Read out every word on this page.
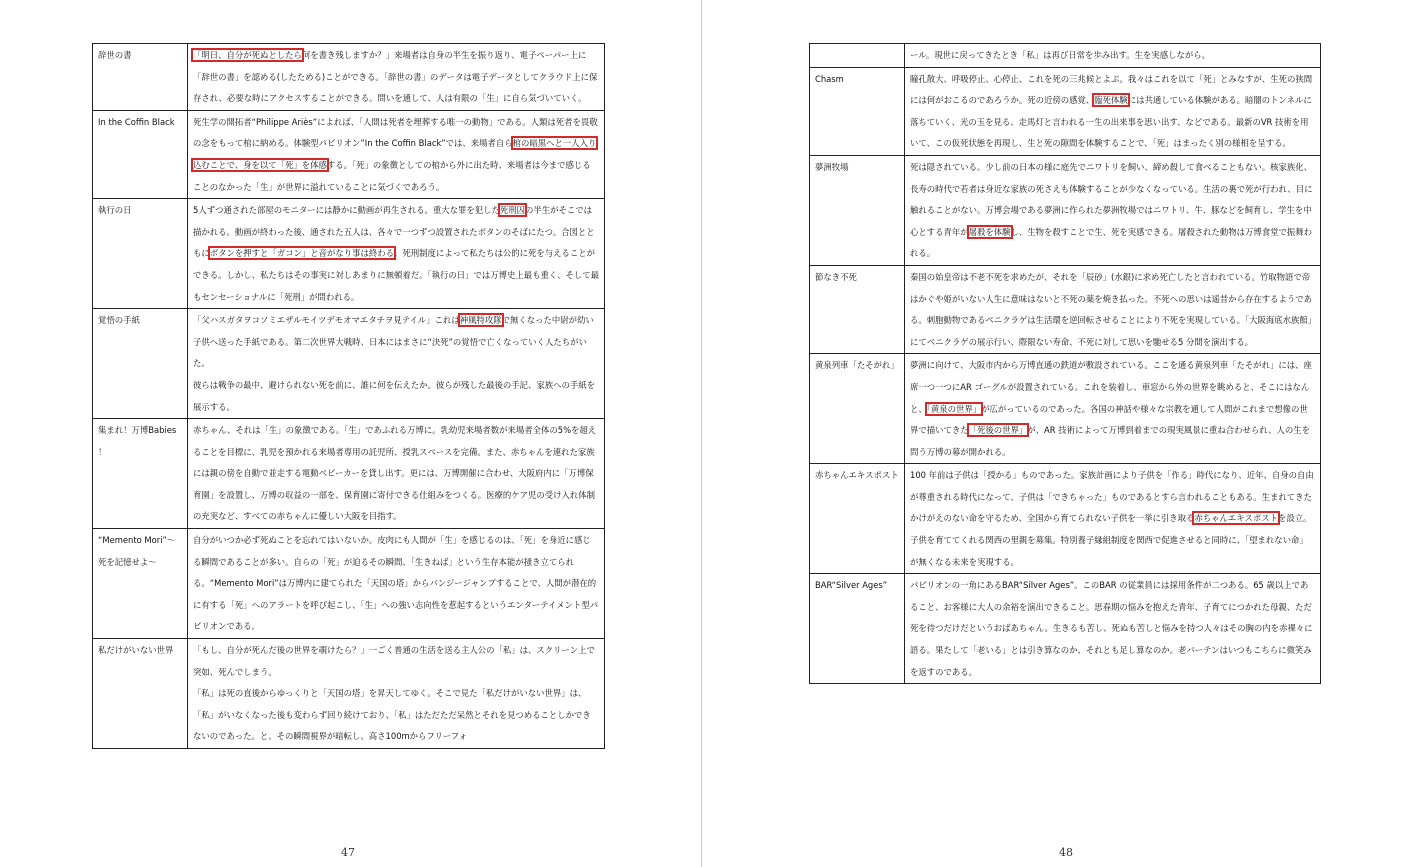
辞世の書	「明日、自分が死ぬとしたら何を書き残しますか？」来場者は自身の半生を振り返り、電子ペーパー上に「辞世の書」を認める(したためる)ことができる。「辞世の書」のデータは電子データとしてクラウド上に保存され、必要な時にアクセスすることができる。問いを通して、人は有限の「生」に自ら気づいていく。

In the Coffin Black	死生学の開拓者“Philippe Ariès”によれば、「人間は死者を埋葬する唯一の動物」である。人類は死者を畏敬の念をもって棺に納める。体験型パビリオン”In the Coffin Black”では、来場者自ら棺の暗黒へと一人入り込むことで、身を以て「死」を体感する。「死」の象徴としての棺から外に出た時、来場者は今まで感じることのなかった「生」が世界に溢れていることに気づくであろう。

執行の日	5人ずつ通された部屋のモニターには静かに動画が再生される。重大な罪を犯した死刑囚の半生がそこでは描かれる。動画が終わった後、通された五人は、各々で一つずつ設置されたボタンのそばにたつ。合図とともにボタンを押すと「ガコン」と音がなり事は終わる。死刑制度によって私たちは公的に死を与えることができる。しかし、私たちはその事実に対しあまりに無頓着だ。「執行の日」では万博史上最も重く、そして最もセンセーショナルに「死刑」が問われる。

覚悟の手紙	「父ハスガタヲコソミエザルモイツデモオマエタチヲ見テイル」これは神風特攻隊で無くなった中尉が幼い子供へ送った手紙である。第二次世界大戦時、日本にはまさに“決死”の覚悟で亡くなっていく人たちがいた。
彼らは戦争の最中、避けられない死を前に、誰に何を伝えたか。彼らが残した最後の手記、家族への手紙を展示する。

集まれ！万博Babies ！	赤ちゃん、それは「生」の象徴である。「生」であふれる万博に。乳幼児来場者数が来場者全体の5%を超えることを目標に、乳児を預かれる来場者専用の託児所、授乳スペースを完備。また、赤ちゃんを連れた家族には親の傍を自動で並走する電動ベビーカーを貸し出す。更には、万博開催に合わせ、大阪府内に「万博保育園」を設置し、万博の収益の一部を、保育園に寄付できる仕組みをつくる。医療的ケア児の受け入れ体制の充実など、すべての赤ちゃんに優しい大阪を目指す。

“Memento Mori”～死を記憶せよ～	自分がいつか必ず死ぬことを忘れてはいないか。皮肉にも人間が「生」を感じるのは、「死」を身近に感じる瞬間であることが多い。自らの「死」が迫るその瞬間、「生きねば」という生存本能が掻き立てられる。“Memento Mori”は万博内に建てられた「天国の塔」からバンジージャンプすることで、人間が潜在的に有する「死」へのアラートを呼び起こし、「生」への強い志向性を惹起するというエンターテイメント型パビリオンである。

私だけがいない世界	「もし、自分が死んだ後の世界を覗けたら？」一ごく普通の生活を送る主人公の「私」は、スクリーン上で突如、死んでしまう。
「私」は死の直後からゆっくりと「天国の塔」を昇天してゆく。そこで見た「私だけがいない世界」は、「私」がいなくなった後も変わらず回り続けており、「私」はただただ呆然とそれを見つめることしかできないのであった。と、その瞬間視界が暗転し、高さ100mからフリーフォ
47

	ール。現世に戻ってきたとき「私」は再び日常を歩み出す。生を実感しながら。

Chasm	瞳孔散大、呼吸停止、心停止、これを死の三兆候とよぶ。我々はこれを以て「死」とみなすが、生死の狭間には何がおこるのであろうか。死の近傍の感覚、臨死体験には共通している体験がある。暗闇のトンネルに落ちていく、光の玉を見る、走馬灯と言われる一生の出来事を思い出す、などである。最新のVR 技術を用いて、この仮死状態を再現し、生と死の隙間を体験することで、「死」はまったく別の様相を呈する。

夢洲牧場	死は隠されている。少し前の日本の様に庭先でニワトリを飼い、締め殺して食べることもない。核家族化、長寿の時代で若者は身近な家族の死さえも体験することが少なくなっている。生活の裏で死が行われ、目に触れることがない。万博会場である夢洲に作られた夢洲牧場ではニワトリ、牛、豚などを飼育し、学生を中心とする青年が屠殺を体験し、生物を殺すことで生、死を実感できる。屠殺された動物は万博食堂で振舞われる。

節なき不死	秦国の始皇帝は不老不死を求めたが、それを「辰砂」(水銀)に求め死亡したと言われている。竹取物語で帝はかぐや姫がいない人生に意味はないと不死の薬を焼き払った。不死への思いは遥昔から存在するようである。刺胞動物であるベニクラゲは生活環を逆回転させることにより不死を実現している。「大阪海底水族館」にてベニクラゲの展示行い、際限ない寿命、不死に対して思いを馳せる5 分間を演出する。

黄泉列車「たそがれ」	夢洲に向けて、大阪市内から万博直通の鉄道が敷設されている。ここを通る黄泉列車「たそがれ」には、座席一つ一つにAR ゴーグルが設置されている。これを装着し、車窓から外の世界を眺めると、そこにはなんと、「黄泉の世界」が広がっているのであった。各国の神話や様々な宗教を通して人間がこれまで想像の世界で描いてきた「死後の世界」が、AR 技術によって万博到着までの現実風景に重ね合わせられ、人の生を問う万博の幕が開かれる。

赤ちゃんエキスポスト	100 年前は子供は「授かる」ものであった。家族計画により子供を「作る」時代になり、近年、自身の自由が尊重される時代になって、子供は「できちゃった」ものであるとすら言われることもある。生まれてきたかけがえのない命を守るため、全国から育てられない子供を一挙に引き取る赤ちゃんエキスポストを設立。子供を育ててくれる関西の里親を募集。特別養子縁組制度を関西で促進させると同時に、「望まれない命」が無くなる未来を実現する。

BAR“Silver Ages”	パビリオンの一角にあるBAR“Silver Ages”。このBAR の従業員には採用条件が二つある。65 歳以上であること、お客様に大人の余裕を演出できること。思春期の悩みを抱えた青年、子育てにつかれた母親、ただ死を待つだけだというおばあちゃん。生きるも苦し、死ぬも苦しと悩みを持つ人々はその胸の内を赤裸々に語る。果たして「老いる」とは引き算なのか、それとも足し算なのか。老バーテンはいつもこちらに微笑みを返すのである。
48
